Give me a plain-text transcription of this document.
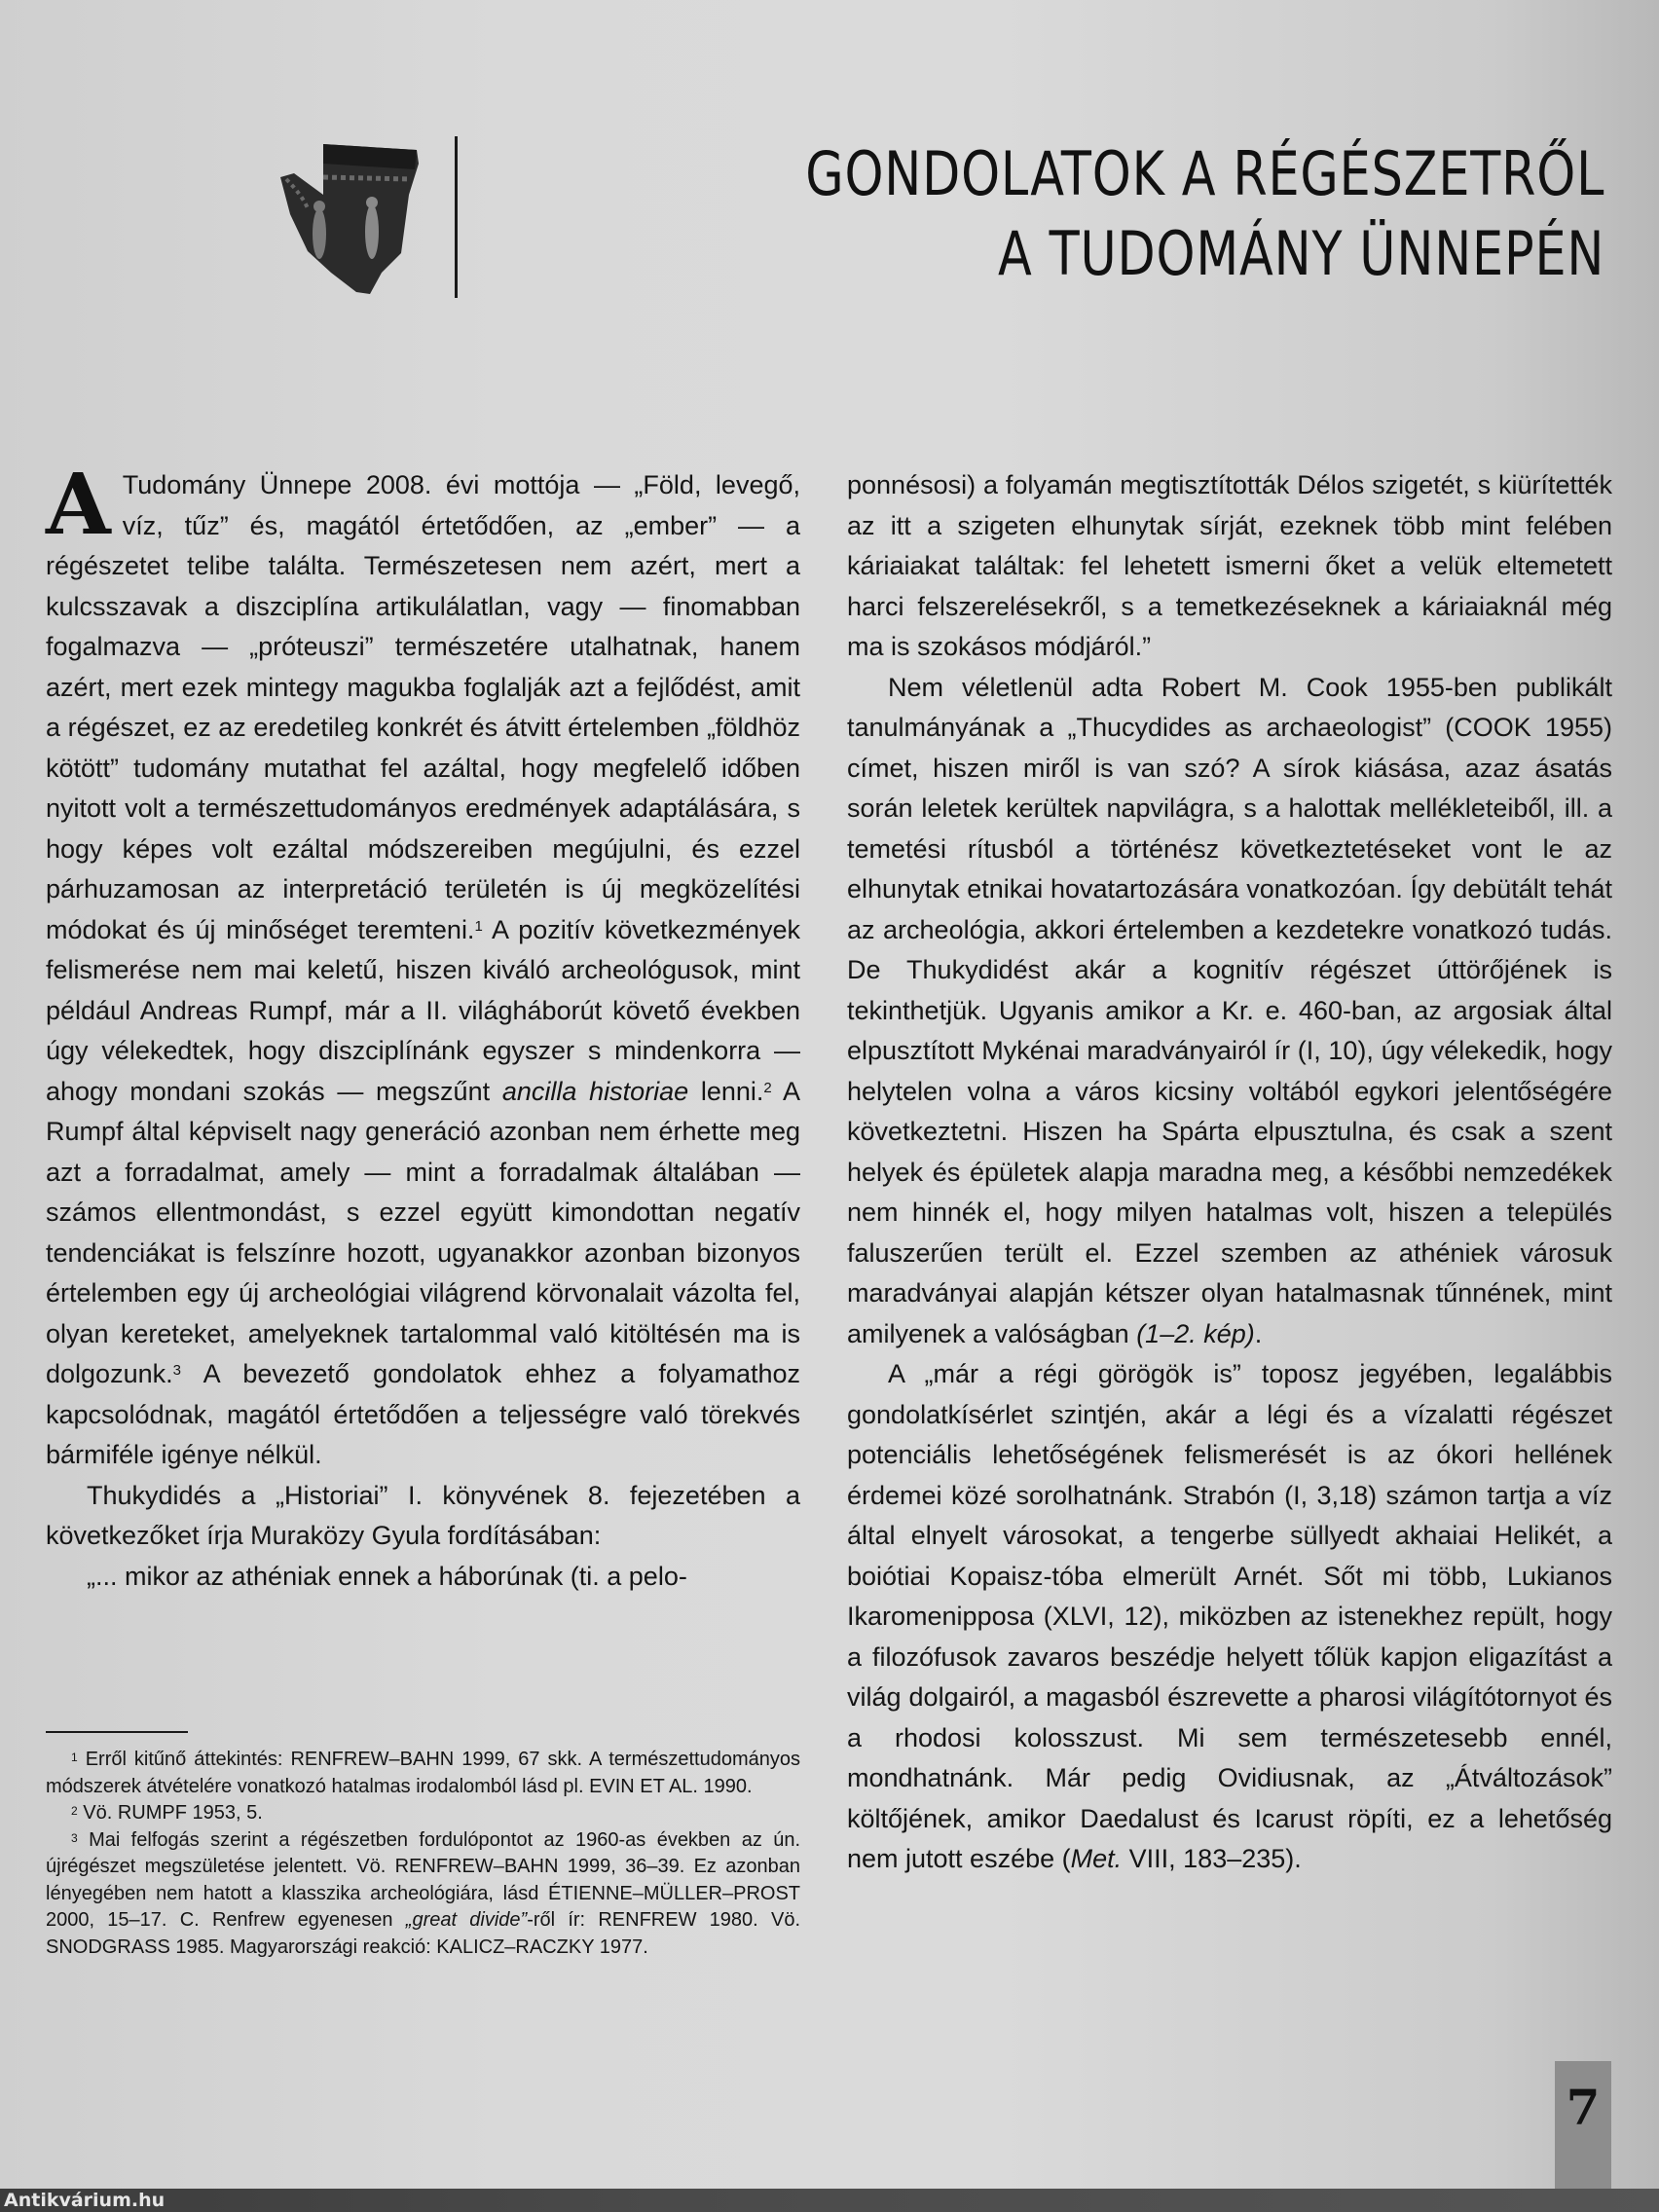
GONDOLATOK A RÉGÉSZETRŐL
A TUDOMÁNY ÜNNEPÉN

A Tudomány Ünnepe 2008. évi mottója — „Föld, levegő, víz, tűz” és, magától értetődően, az „ember” — a régészetet telibe találta. Természetesen nem azért, mert a kulcsszavak a diszciplína artikulálatlan, vagy — finomabban fogalmazva — „próteuszi” természetére utalhatnak, hanem azért, mert ezek mintegy magukba foglalják azt a fejlődést, amit a régészet, ez az eredetileg konkrét és átvitt értelemben „földhöz kötött” tudomány mutathat fel azáltal, hogy megfelelő időben nyitott volt a természettudományos eredmények adaptálására, s hogy képes volt ezáltal módszereiben megújulni, és ezzel párhuzamosan az interpretáció területén is új megközelítési módokat és új minőséget teremteni.$^1$ A pozitív következmények felismerése nem mai keletű, hiszen kiváló archeológusok, mint például Andreas Rumpf, már a II. világháborút követő években úgy vélekedtek, hogy diszciplínánk egyszer s mindenkorra — ahogy mondani szokás — megszűnt ancilla historiae lenni.$^2$ A Rumpf által képviselt nagy generáció azonban nem érhette meg azt a forradalmat, amely — mint a forradalmak általában — számos ellentmondást, s ezzel együtt kimondottan negatív tendenciákat is felszínre hozott, ugyanakkor azonban bizonyos értelemben egy új archeológiai világrend körvonalait vázolta fel, olyan kereteket, amelyeknek tartalommal való kitöltésén ma is dolgozunk.$^3$ A bevezető gondolatok ehhez a folyamathoz kapcsolódnak, magától értetődően a teljességre való törekvés bármiféle igénye nélkül.

Thukydidés a „Historiai” I. könyvének 8. fejezetében a következőket írja Muraközy Gyula fordításában:

„... mikor az athéniak ennek a háborúnak (ti. a pelo-

$^1$ Erről kitűnő áttekintés: RENFREW–BAHN 1999, 67 skk. A természettudományos módszerek átvételére vonatkozó hatalmas irodalomból lásd pl. EVIN ET AL. 1990.

$^2$ Vö. RUMPF 1953, 5.

$^3$ Mai felfogás szerint a régészetben fordulópontot az 1960-as években az ún. újrégészet megszületése jelentett. Vö. RENFREW–BAHN 1999, 36–39. Ez azonban lényegében nem hatott a klasszika archeológiára, lásd ÉTIENNE–MÜLLER–PROST 2000, 15–17. C. Renfrew egyenesen „great divide”-ről ír: RENFREW 1980. Vö. SNODGRASS 1985. Magyarországi reakció: KALICZ–RACZKY 1977.

ponnésosi) a folyamán megtisztították Délos szigetét, s kiürítették az itt a szigeten elhunytak sírját, ezeknek több mint felében káriaiakat találtak: fel lehetett ismerni őket a velük eltemetett harci felszerelésekről, s a temetkezéseknek a káriaiaknál még ma is szokásos módjáról.”

Nem véletlenül adta Robert M. Cook 1955-ben publikált tanulmányának a „Thucydides as archaeologist” (COOK 1955) címet, hiszen miről is van szó? A sírok kiásása, azaz ásatás során leletek kerültek napvilágra, s a halottak mellékleteiből, ill. a temetési rítusból a történész következtetéseket vont le az elhunytak etnikai hovatartozására vonatkozóan. Így debütált tehát az archeológia, akkori értelemben a kezdetekre vonatkozó tudás. De Thukydidést akár a kognitív régészet úttörőjének is tekinthetjük. Ugyanis amikor a Kr. e. 460-ban, az argosiak által elpusztított Mykénai maradványairól ír (I, 10), úgy vélekedik, hogy helytelen volna a város kicsiny voltából egykori jelentőségére következtetni. Hiszen ha Spárta elpusztulna, és csak a szent helyek és épületek alapja maradna meg, a későbbi nemzedékek nem hinnék el, hogy milyen hatalmas volt, hiszen a település faluszerűen terült el. Ezzel szemben az athéniek városuk maradványai alapján kétszer olyan hatalmasnak tűnnének, mint amilyenek a valóságban (1–2. kép).

A „már a régi görögök is” toposz jegyében, legalábbis gondolatkísérlet szintjén, akár a légi és a vízalatti régészet potenciális lehetőségének felismerését is az ókori hellének érdemei közé sorolhatnánk. Strabón (I, 3,18) számon tartja a víz által elnyelt városokat, a tengerbe süllyedt akhaiai Helikét, a boiótiai Kopaisz-tóba elmerült Arnét. Sőt mi több, Lukianos Ikaromenipposa (XLVI, 12), miközben az istenekhez repült, hogy a filozófusok zavaros beszédje helyett tőlük kapjon eligazítást a világ dolgairól, a magasból észrevette a pharosi világítótornyot és a rhodosi kolosszust. Mi sem természetesebb ennél, mondhatnánk. Már pedig Ovidiusnak, az „Átváltozások” költőjének, amikor Daedalust és Icarust röpíti, ez a lehetőség nem jutott eszébe (Met. VIII, 183–235).

7
Antikvárium.hu
